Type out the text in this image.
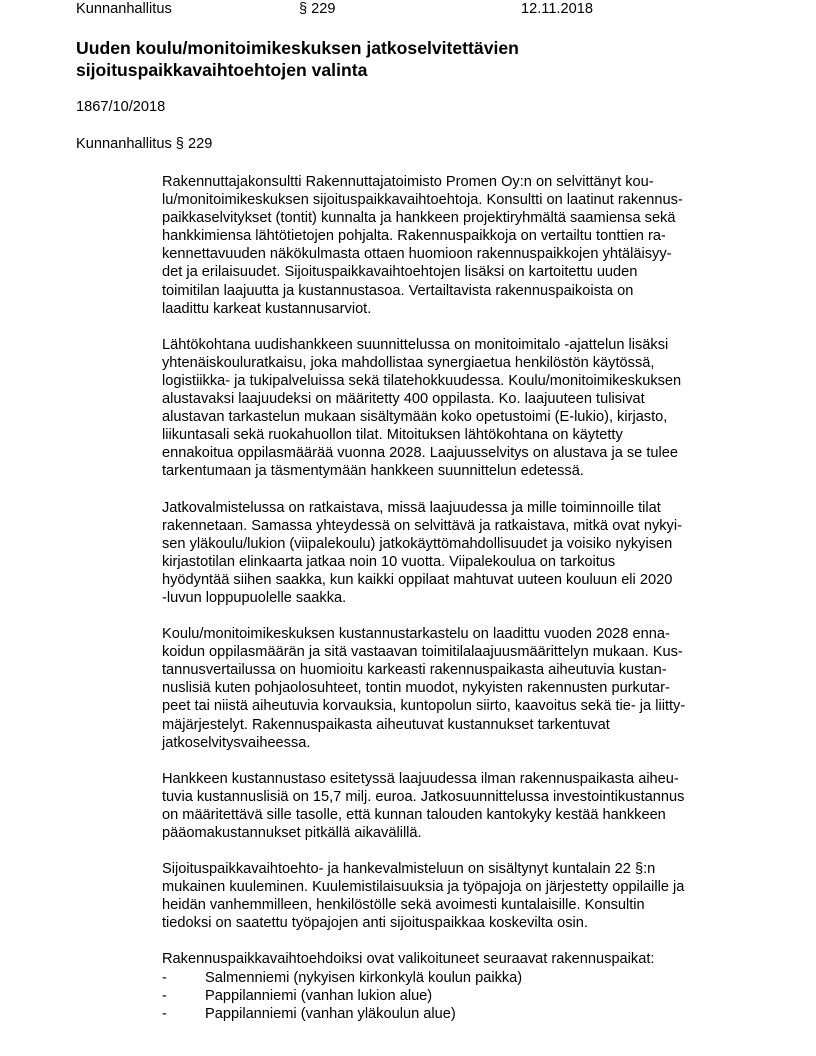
Kunnanhallitus	§ 229	12.11.2018
Uuden koulu/monitoimikeskuksen jatkoselvitettävien
sijoituspaikkavaihtoehtojen valinta
1867/10/2018
Kunnanhallitus § 229

Rakennuttajakonsultti Rakennuttajatoimisto Promen Oy:n on selvittänyt kou-
lu/monitoimikeskuksen sijoituspaikkavaihtoehtoja. Konsultti on laatinut rakennus-
paikkaselvitykset (tontit) kunnalta ja hankkeen projektiryhmältä saamiensa sekä
hankkimiensa lähtötietojen pohjalta. Rakennuspaikkoja on vertailtu tonttien ra-
kennettavuuden näkökulmasta ottaen huomioon rakennuspaikkojen yhtäläisyy-
det ja erilaisuudet. Sijoituspaikkavaihtoehtojen lisäksi on kartoitettu uuden
toimitilan laajuutta ja kustannustasoa. Vertailtavista rakennuspaikoista on
laadittu karkeat kustannusarviot.

Lähtökohtana uudishankkeen suunnittelussa on monitoimitalo -ajattelun lisäksi
yhtenäiskouluratkaisu, joka mahdollistaa synergiaetua henkilöstön käytössä,
logistiikka- ja tukipalveluissa sekä tilatehokkuudessa. Koulu/monitoimikeskuksen
alustavaksi laajuudeksi on määritetty 400 oppilasta. Ko. laajuuteen tulisivat
alustavan tarkastelun mukaan sisältymään koko opetustoimi (E-lukio), kirjasto,
liikuntasali sekä ruokahuollon tilat. Mitoituksen lähtökohtana on käytetty
ennakoitua oppilasmäärää vuonna 2028. Laajuusselvitys on alustava ja se tulee
tarkentumaan ja täsmentymään hankkeen suunnittelun edetessä.

Jatkovalmistelussa on ratkaistava, missä laajuudessa ja mille toiminnoille tilat
rakennetaan. Samassa yhteydessä on selvittävä ja ratkaistava, mitkä ovat nykyi-
sen yläkoulu/lukion (viipalekoulu) jatkokäyttömahdollisuudet ja voisiko nykyisen
kirjastotilan elinkaarta jatkaa noin 10 vuotta. Viipalekoulua on tarkoitus
hyödyntää siihen saakka, kun kaikki oppilaat mahtuvat uuteen kouluun eli 2020
-luvun loppupuolelle saakka.

Koulu/monitoimikeskuksen kustannustarkastelu on laadittu vuoden 2028 enna-
koidun oppilasmäärän ja sitä vastaavan toimitilalaajuusmäärittelyn mukaan. Kus-
tannusvertailussa on huomioitu karkeasti rakennuspaikasta aiheutuvia kustan-
nuslisiä kuten pohjaolosuhteet, tontin muodot, nykyisten rakennusten purkutar-
peet tai niistä aiheutuvia korvauksia, kuntopolun siirto, kaavoitus sekä tie- ja liitty-
mäjärjestelyt. Rakennuspaikasta aiheutuvat kustannukset tarkentuvat
jatkoselvitysvaiheessa.

Hankkeen kustannustaso esitetyssä laajuudessa ilman rakennuspaikasta aiheu-
tuvia kustannuslisiä on 15,7 milj. euroa. Jatkosuunnittelussa investointikustannus
on määritettävä sille tasolle, että kunnan talouden kantokyky kestää hankkeen
pääomakustannukset pitkällä aikavälillä.

Sijoituspaikkavaihtoehto- ja hankevalmisteluun on sisältynyt kuntalain 22 §:n
mukainen kuuleminen. Kuulemistilaisuuksia ja työpajoja on järjestetty oppilaille ja
heidän vanhemmilleen, henkilöstölle sekä avoimesti kuntalaisille. Konsultin
tiedoksi on saatettu työpajojen anti sijoituspaikkaa koskevilta osin.

Rakennuspaikkavaihtoehdoiksi ovat valikoituneet seuraavat rakennuspaikat:

-	Salmenniemi (nykyisen kirkonkylä koulun paikka)
-	Pappilanniemi (vanhan lukion alue)
-	Pappilanniemi (vanhan yläkoulun alue)
